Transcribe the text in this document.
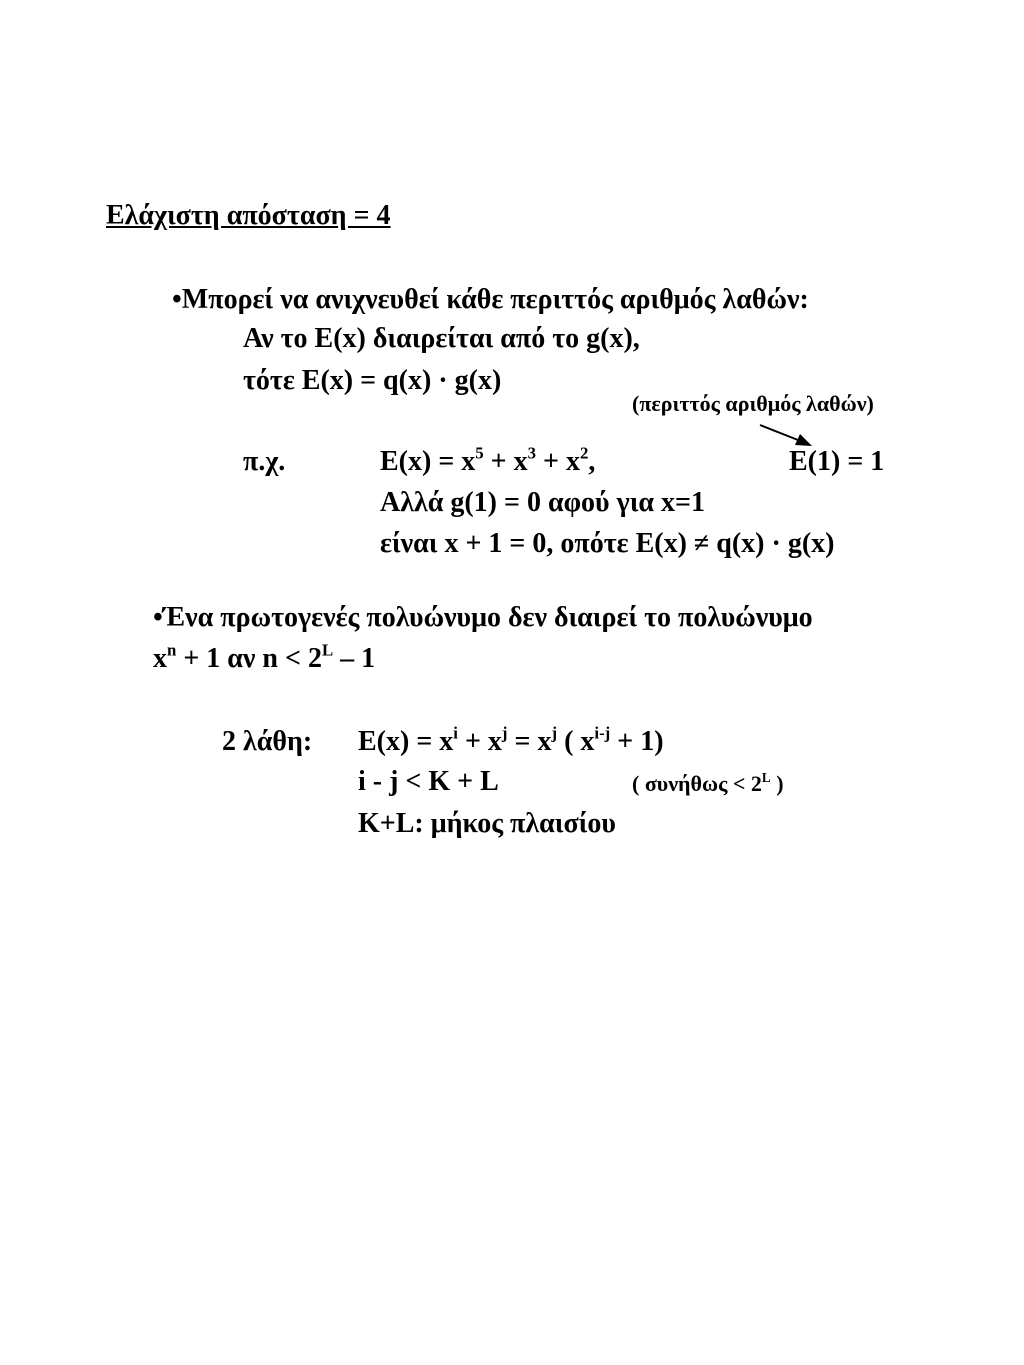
Ελάχιστη απόσταση = 4
•Μπορεί να ανιχνευθεί κάθε περιττός αριθμός λαθών:
Αν το E(x) διαιρείται από το g(x),
τότε E(x) = q(x) · g(x)
(περιττός αριθμός λαθών)
π.χ.	$E(x) = x^5 + x^3 + x^2$,	E(1) = 1
Αλλά g(1) = 0 αφού για x=1
είναι x + 1 = 0, οπότε E(x) ≠ q(x) · g(x)
•Ένα πρωτογενές πολυώνυμο δεν διαιρεί το πολυώνυμο
$x^n + 1$ αν $n < 2^L - 1$
2 λάθη: $E(x) = x^i + x^j = x^j$ ( $x^{i-j} + 1$)
i - j < K + L	( $\sigma\upsilon\nu ή\theta\omega\varsigma < 2^L$ )
K+L: μήκος πλαισίου
